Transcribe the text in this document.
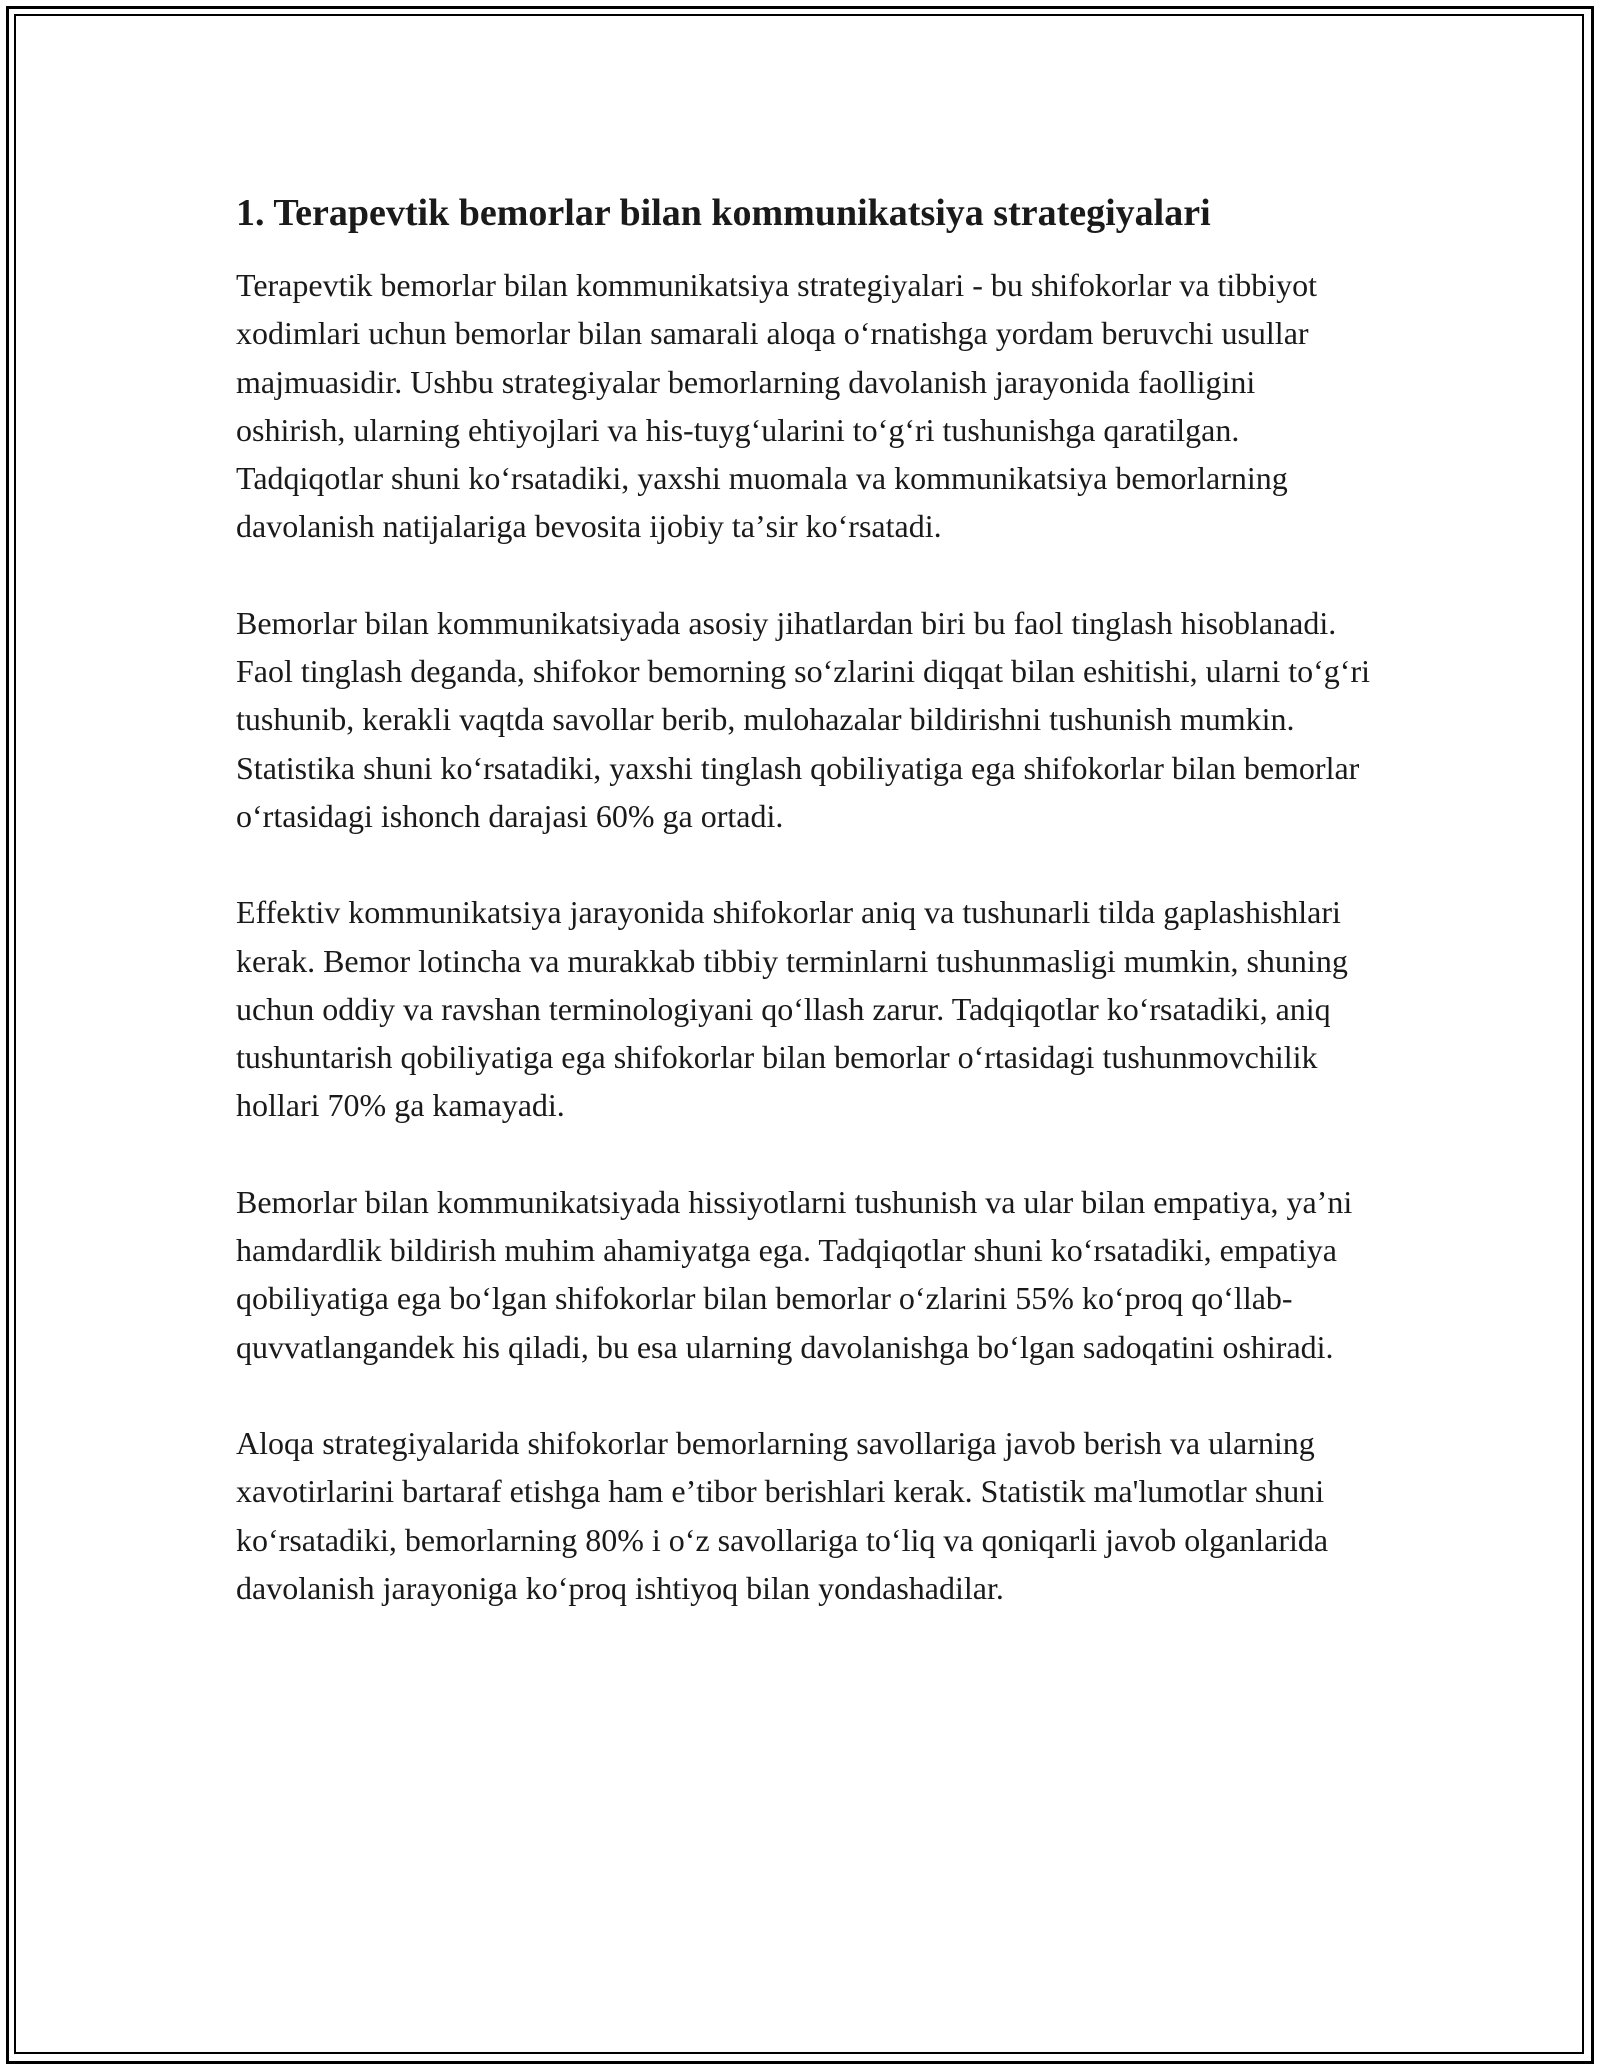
1. Terapevtik bemorlar bilan kommunikatsiya strategiyalari

Terapevtik bemorlar bilan kommunikatsiya strategiyalari - bu shifokorlar va tibbiyot xodimlari uchun bemorlar bilan samarali aloqa oʻrnatishga yordam beruvchi usullar majmuasidir. Ushbu strategiyalar bemorlarning davolanish jarayonida faolligini oshirish, ularning ehtiyojlari va his-tuygʻularini toʻgʻri tushunishga qaratilgan. Tadqiqotlar shuni koʻrsatadiki, yaxshi muomala va kommunikatsiya bemorlarning davolanish natijalariga bevosita ijobiy taʼsir koʻrsatadi.

Bemorlar bilan kommunikatsiyada asosiy jihatlardan biri bu faol tinglash hisoblanadi. Faol tinglash deganda, shifokor bemorning soʻzlarini diqqat bilan eshitishi, ularni toʻgʻri tushunib, kerakli vaqtda savollar berib, mulohazalar bildirishni tushunish mumkin. Statistika shuni koʻrsatadiki, yaxshi tinglash qobiliyatiga ega shifokorlar bilan bemorlar oʻrtasidagi ishonch darajasi 60% ga ortadi.

Effektiv kommunikatsiya jarayonida shifokorlar aniq va tushunarli tilda gaplashishlari kerak. Bemor lotincha va murakkab tibbiy terminlarni tushunmasligi mumkin, shuning uchun oddiy va ravshan terminologiyani qoʻllash zarur. Tadqiqotlar koʻrsatadiki, aniq tushuntarish qobiliyatiga ega shifokorlar bilan bemorlar oʻrtasidagi tushunmovchilik hollari 70% ga kamayadi.

Bemorlar bilan kommunikatsiyada hissiyotlarni tushunish va ular bilan empatiya, yaʼni hamdardlik bildirish muhim ahamiyatga ega. Tadqiqotlar shuni koʻrsatadiki, empatiya qobiliyatiga ega boʻlgan shifokorlar bilan bemorlar oʻzlarini 55% koʻproq qoʻllab-quvvatlangandek his qiladi, bu esa ularning davolanishga boʻlgan sadoqatini oshiradi.

Aloqa strategiyalarida shifokorlar bemorlarning savollariga javob berish va ularning xavotirlarini bartaraf etishga ham eʼtibor berishlari kerak. Statistik ma'lumotlar shuni koʻrsatadiki, bemorlarning 80% i oʻz savollariga toʻliq va qoniqarli javob olganlarida davolanish jarayoniga koʻproq ishtiyoq bilan yondashadilar.
